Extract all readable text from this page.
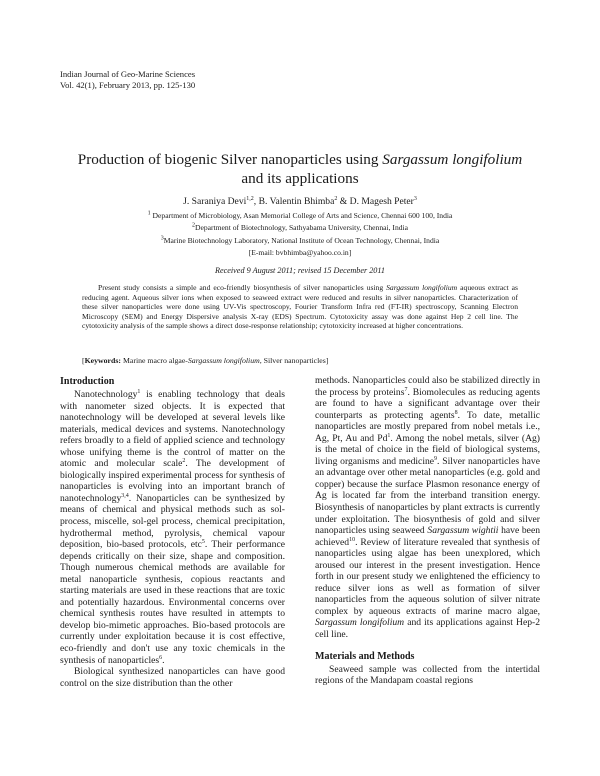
Indian Journal of Geo-Marine Sciences
Vol. 42(1), February 2013, pp. 125-130
Production of biogenic Silver nanoparticles using Sargassum longifolium
and its applications
J. Saraniya Devi$^{1,2}$, B. Valentin Bhimba$^2$ & D. Magesh Peter$^3$
$^1$ Department of Microbiology, Asan Memorial College of Arts and Science, Chennai 600 100, India
$^2$Department of Biotechnology, Sathyabama University, Chennai, India
$^3$Marine Biotechnology Laboratory, National Institute of Ocean Technology, Chennai, India
[E-mail: bvbhimba@yahoo.co.in]
Received 9 August 2011; revised 15 December 2011
Present study consists a simple and eco-friendly biosynthesis of silver nanoparticles using Sargassum longifolium aqueous extract as reducing agent. Aqueous silver ions when exposed to seaweed extract were reduced and results in silver nanoparticles. Characterization of these silver nanoparticles were done using UV-Vis spectroscopy, Fourier Transform Infra red (FT-IR) spectroscopy, Scanning Electron Microscopy (SEM) and Energy Dispersive analysis X-ray (EDS) Spectrum. Cytotoxicity assay was done against Hep 2 cell line. The cytotoxicity analysis of the sample shows a direct dose-response relationship; cytotoxicity increased at higher concentrations.
[Keywords: Marine macro algae-Sargassum longifolium, Silver nanoparticles]
Introduction

Nanotechnology$^1$ is enabling technology that deals with nanometer sized objects. It is expected that nanotechnology will be developed at several levels like materials, medical devices and systems. Nanotechnology refers broadly to a field of applied science and technology whose unifying theme is the control of matter on the atomic and molecular scale$^2$. The development of biologically inspired experimental process for synthesis of nanoparticles is evolving into an important branch of nanotechnology$^{3,4}$. Nanoparticles can be synthesized by means of chemical and physical methods such as sol-process, miscelle, sol-gel process, chemical precipitation, hydrothermal method, pyrolysis, chemical vapour deposition, bio-based protocols, etc$^5$. Their performance depends critically on their size, shape and composition. Though numerous chemical methods are available for metal nanoparticle synthesis, copious reactants and starting materials are used in these reactions that are toxic and potentially hazardous. Environmental concerns over chemical synthesis routes have resulted in attempts to develop bio-mimetic approaches. Bio-based protocols are currently under exploitation because it is cost effective, eco-friendly and don't use any toxic chemicals in the synthesis of nanoparticles$^6$.

Biological synthesized nanoparticles can have good control on the size distribution than the other

methods. Nanoparticles could also be stabilized directly in the process by proteins$^7$. Biomolecules as reducing agents are found to have a significant advantage over their counterparts as protecting agents$^8$. To date, metallic nanoparticles are mostly prepared from nobel metals i.e., Ag, Pt, Au and Pd$^1$. Among the nobel metals, silver (Ag) is the metal of choice in the field of biological systems, living organisms and medicine$^9$. Silver nanoparticles have an advantage over other metal nanoparticles (e.g. gold and copper) because the surface Plasmon resonance energy of Ag is located far from the interband transition energy. Biosynthesis of nanoparticles by plant extracts is currently under exploitation. The biosynthesis of gold and silver nanoparticles using seaweed Sargassum wightii have been achieved$^{10}$. Review of literature revealed that synthesis of nanoparticles using algae has been unexplored, which aroused our interest in the present investigation. Hence forth in our present study we enlightened the efficiency to reduce silver ions as well as formation of silver nanoparticles from the aqueous solution of silver nitrate complex by aqueous extracts of marine macro algae, Sargassum longifolium and its applications against Hep-2 cell line.

Materials and Methods

Seaweed sample was collected from the intertidal regions of the Mandapam coastal regions
